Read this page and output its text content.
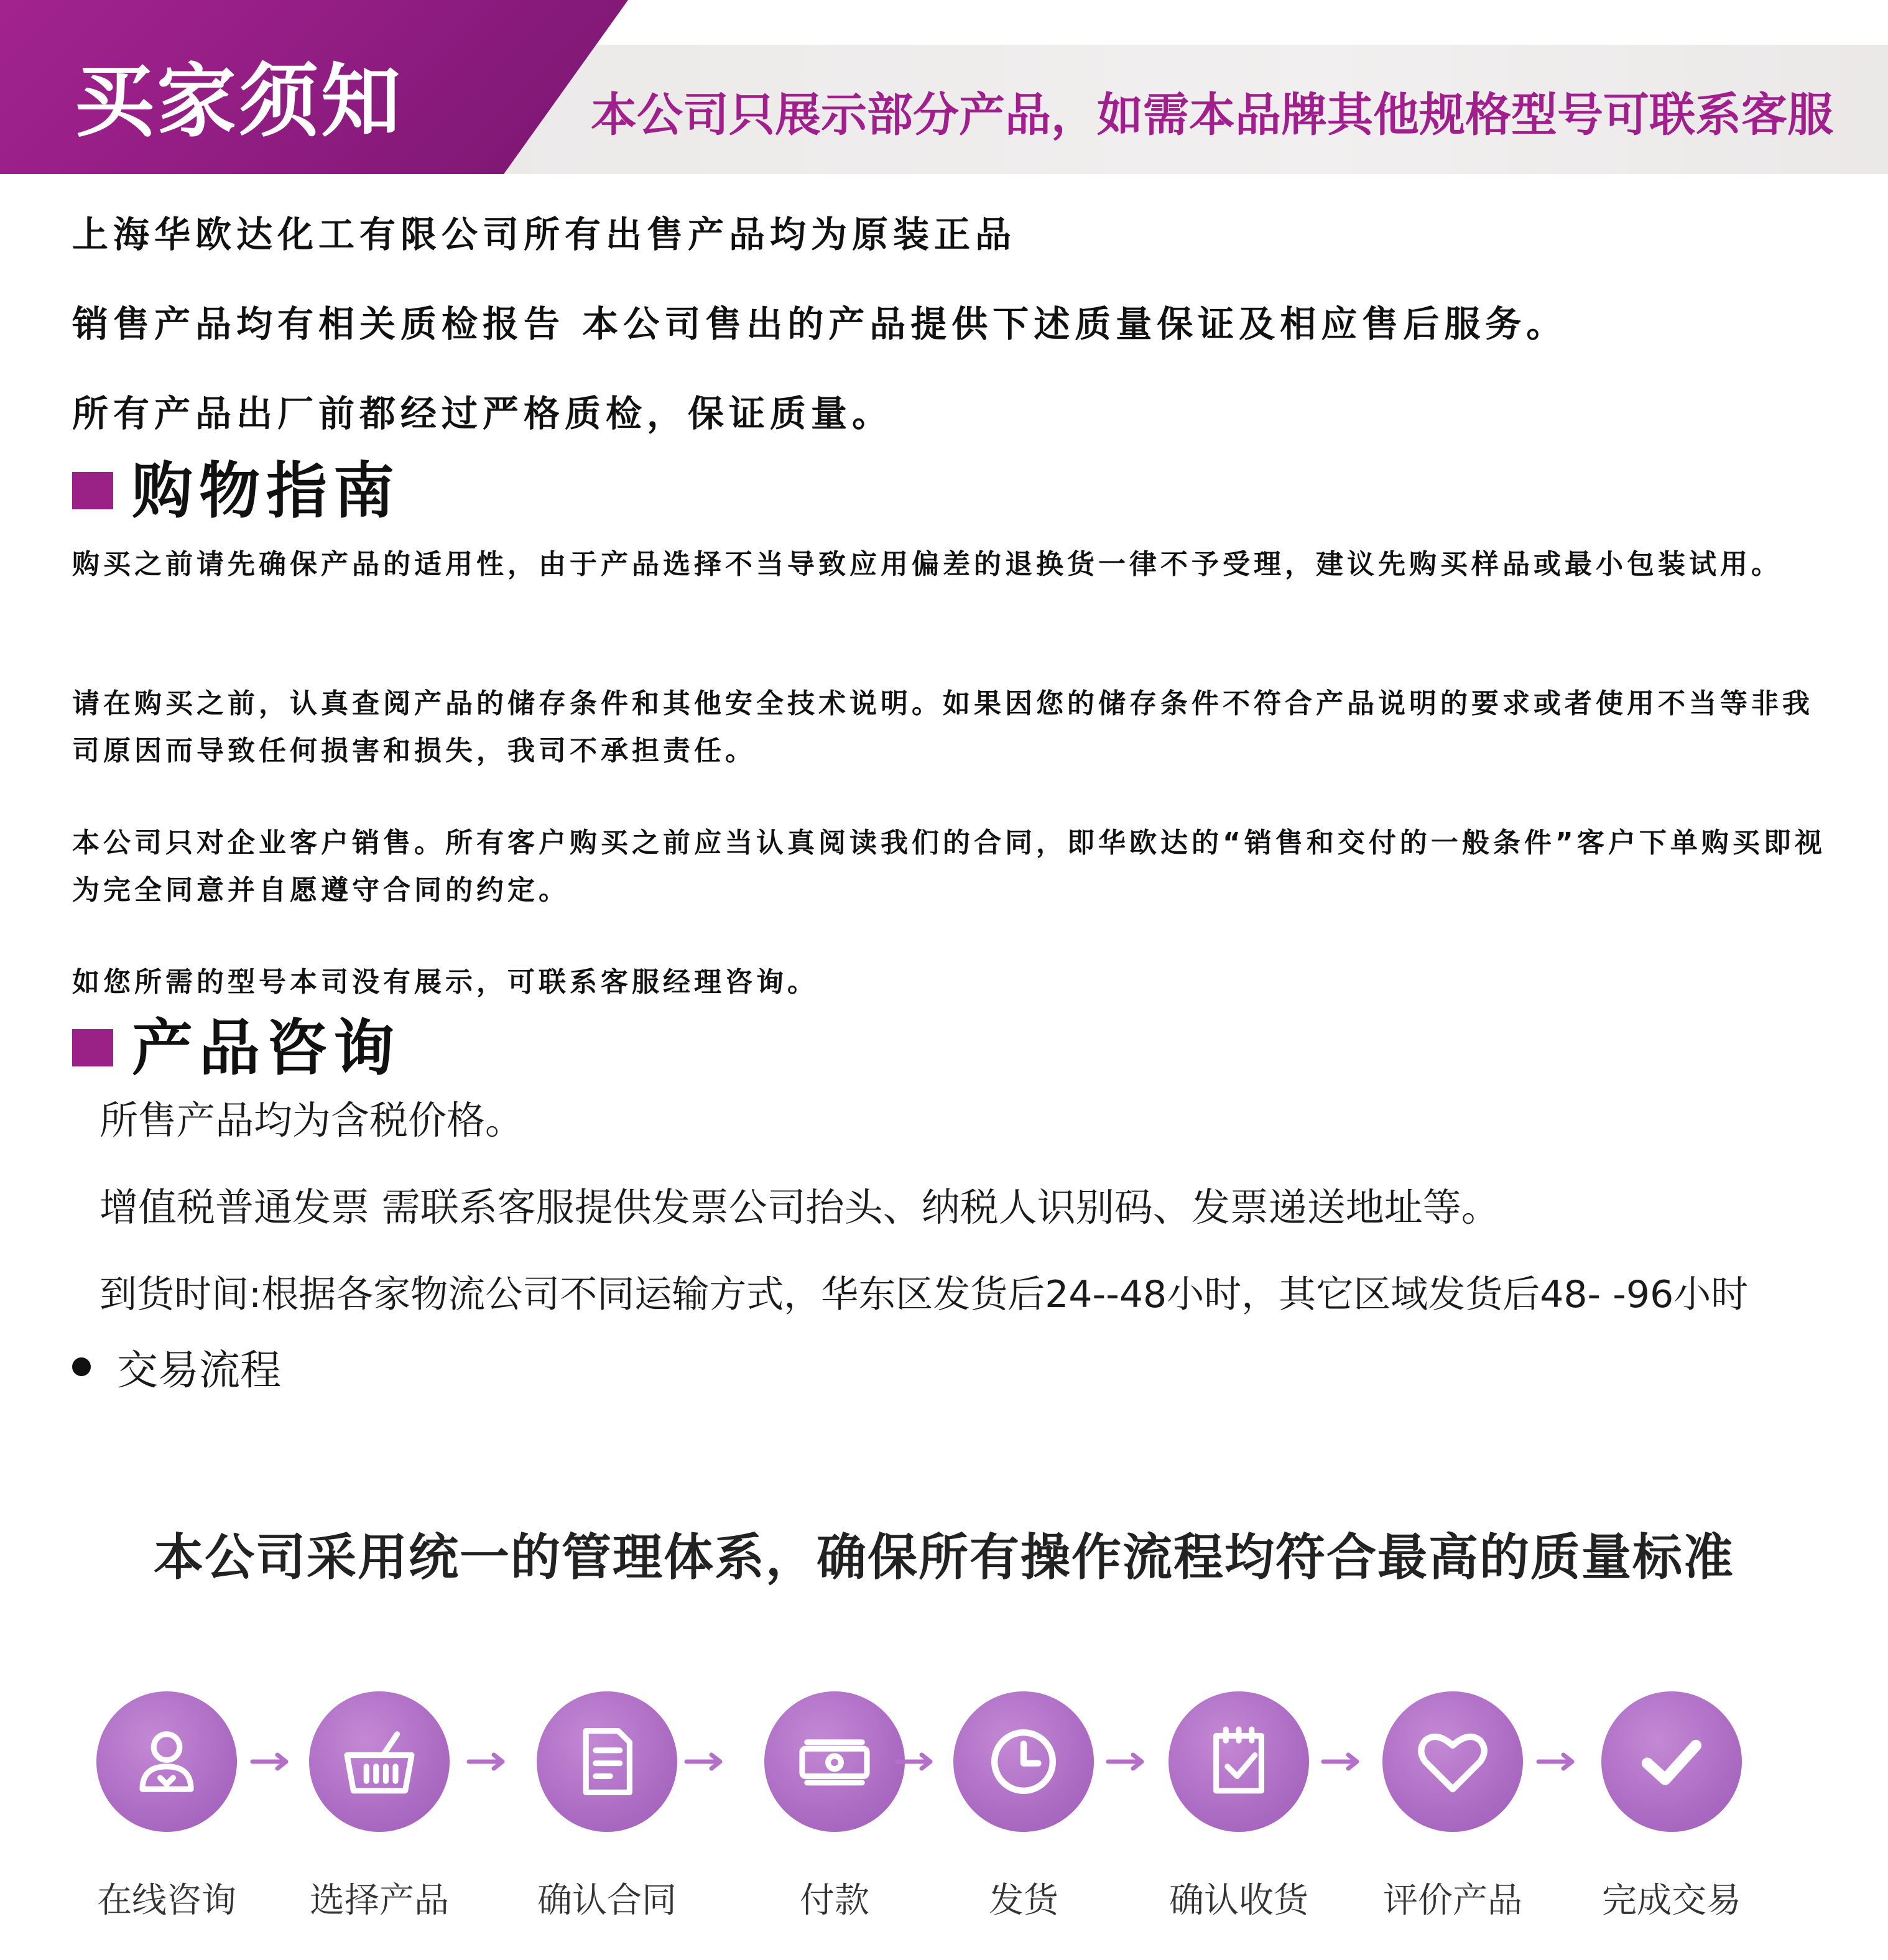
买家须知	本公司只展示部分产品，如需本品牌其他规格型号可联系客服

上海华欧达化工有限公司所有出售产品均为原装正品

销售产品均有相关质检报告 本公司售出的产品提供下述质量保证及相应售后服务。

所有产品出厂前都经过严格质检，保证质量。

购物指南

购买之前请先确保产品的适用性，由于产品选择不当导致应用偏差的退换货一律不予受理，建议先购买样品或最小包装试用。

请在购买之前，认真查阅产品的储存条件和其他安全技术说明。如果因您的储存条件不符合产品说明的要求或者使用不当等非我司原因而导致任何损害和损失，我司不承担责任。

本公司只对企业客户销售。所有客户购买之前应当认真阅读我们的合同，即华欧达的“销售和交付的一般条件”客户下单购买即视为完全同意并自愿遵守合同的约定。

如您所需的型号本司没有展示，可联系客服经理咨询。

产品咨询

所售产品均为含税价格。

增值税普通发票 需联系客服提供发票公司抬头、纳税人识别码、发票递送地址等。

到货时间:根据各家物流公司不同运输方式，华东区发货后24--48小时，其它区域发货后48- -96小时

交易流程

本公司采用统一的管理体系，确保所有操作流程均符合最高的质量标准

在线咨询	选择产品	确认合同	付款	发货	确认收货	评价产品	完成交易
